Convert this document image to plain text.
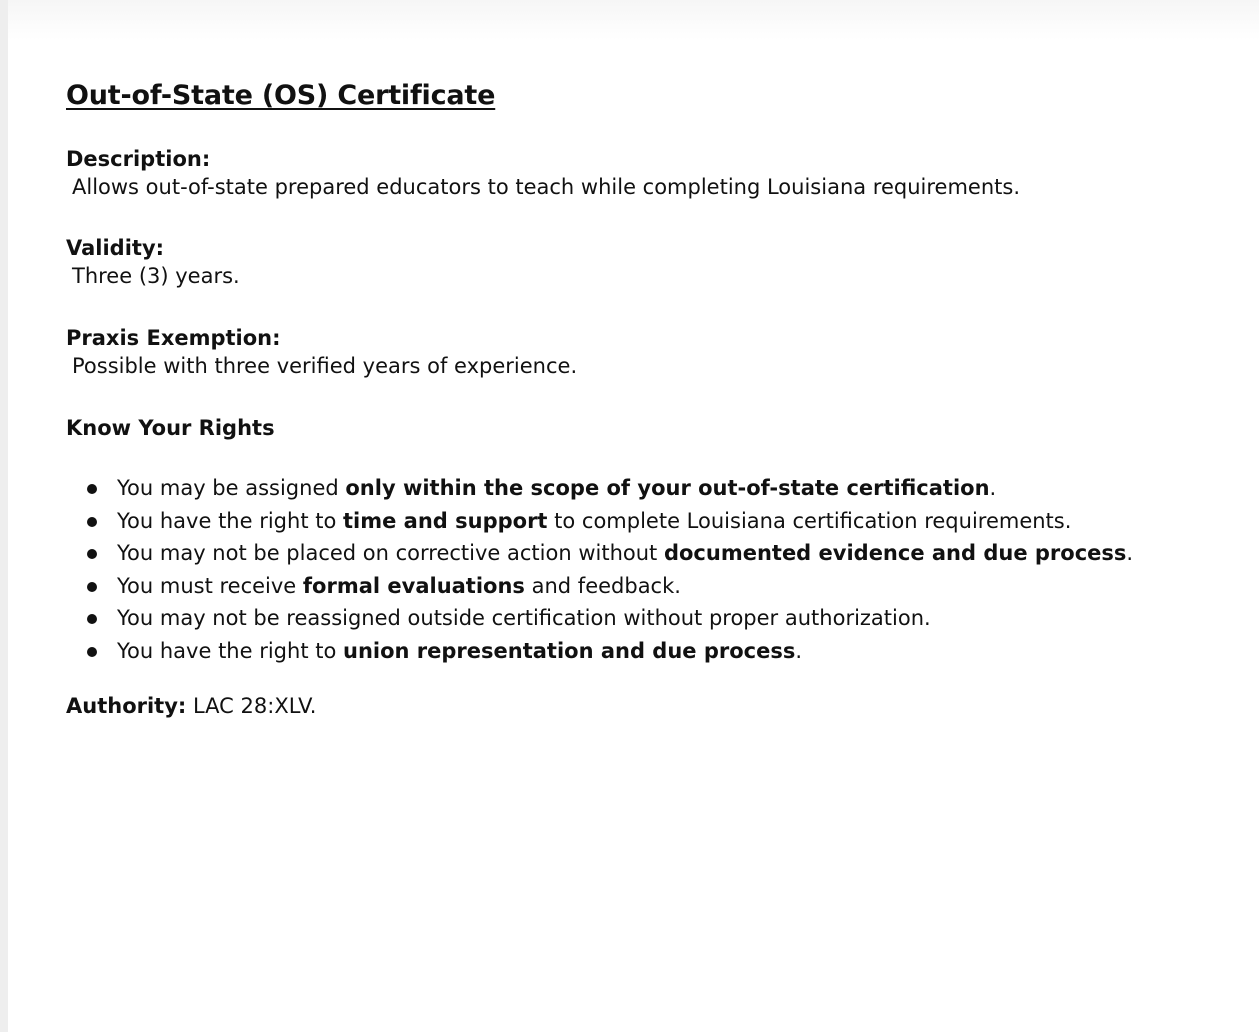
Out-of-State (OS) Certificate
Description:
Allows out-of-state prepared educators to teach while completing Louisiana requirements.
Validity:
Three (3) years.
Praxis Exemption:
Possible with three verified years of experience.
Know Your Rights
You may be assigned only within the scope of your out-of-state certification.
You have the right to time and support to complete Louisiana certification requirements.
You may not be placed on corrective action without documented evidence and due process.
You must receive formal evaluations and feedback.
You may not be reassigned outside certification without proper authorization.
You have the right to union representation and due process.
Authority: LAC 28:XLV.
